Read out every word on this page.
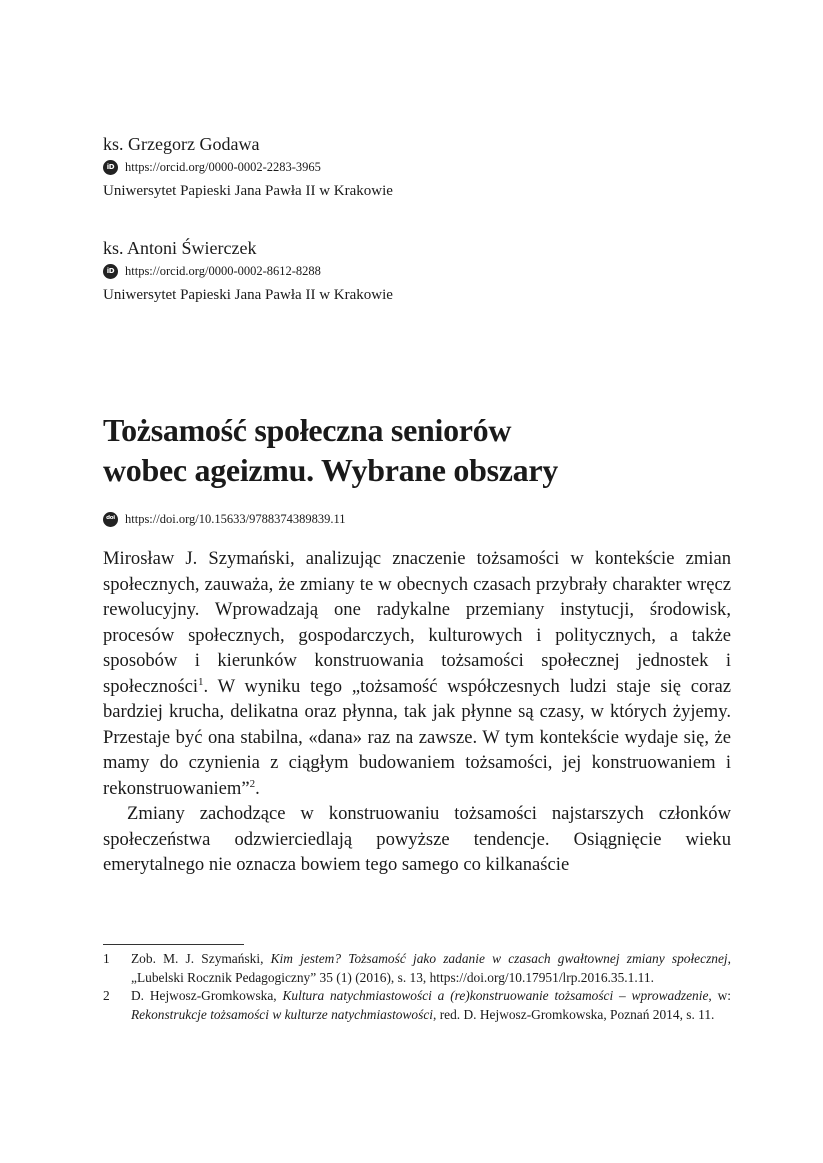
ks. Grzegorz Godawa
iD https://orcid.org/0000-0002-2283-3965
Uniwersytet Papieski Jana Pawła II w Krakowie
ks. Antoni Świerczek
iD https://orcid.org/0000-0002-8612-8288
Uniwersytet Papieski Jana Pawła II w Krakowie
Tożsamość społeczna seniorów
wobec ageizmu. Wybrane obszary
doi https://doi.org/10.15633/9788374389839.11

Mirosław J. Szymański, analizując znaczenie tożsamości w kontekście zmian społecznych, zauważa, że zmiany te w obecnych czasach przybrały charakter wręcz rewolucyjny. Wprowadzają one radykalne przemiany instytucji, środowisk, procesów społecznych, gospodarczych, kulturowych i politycznych, a także sposobów i kierunków konstruowania tożsamości społecznej jednostek i społeczności$^1$. W wyniku tego „tożsamość współczesnych ludzi staje się coraz bardziej krucha, delikatna oraz płynna, tak jak płynne są czasy, w których żyjemy. Przestaje być ona stabilna, «dana» raz na zawsze. W tym kontekście wydaje się, że mamy do czynienia z ciągłym budowaniem tożsamości, jej konstruowaniem i rekonstruowaniem”$^2$.

Zmiany zachodzące w konstruowaniu tożsamości najstarszych członków społeczeństwa odzwierciedlają powyższe tendencje. Osiągnięcie wieku emerytalnego nie oznacza bowiem tego samego co kilkanaście

1	Zob. M. J. Szymański, Kim jestem? Tożsamość jako zadanie w czasach gwałtownej zmiany społecznej, „Lubelski Rocznik Pedagogiczny” 35 (1) (2016), s. 13, https://doi.org/10.17951/lrp.2016.35.1.11.

2	D. Hejwosz-Gromkowska, Kultura natychmiastowości a (re)konstruowanie tożsamości – wprowadzenie, w: Rekonstrukcje tożsamości w kulturze natychmiastowości, red. D. Hejwosz-Gromkowska, Poznań 2014, s. 11.
